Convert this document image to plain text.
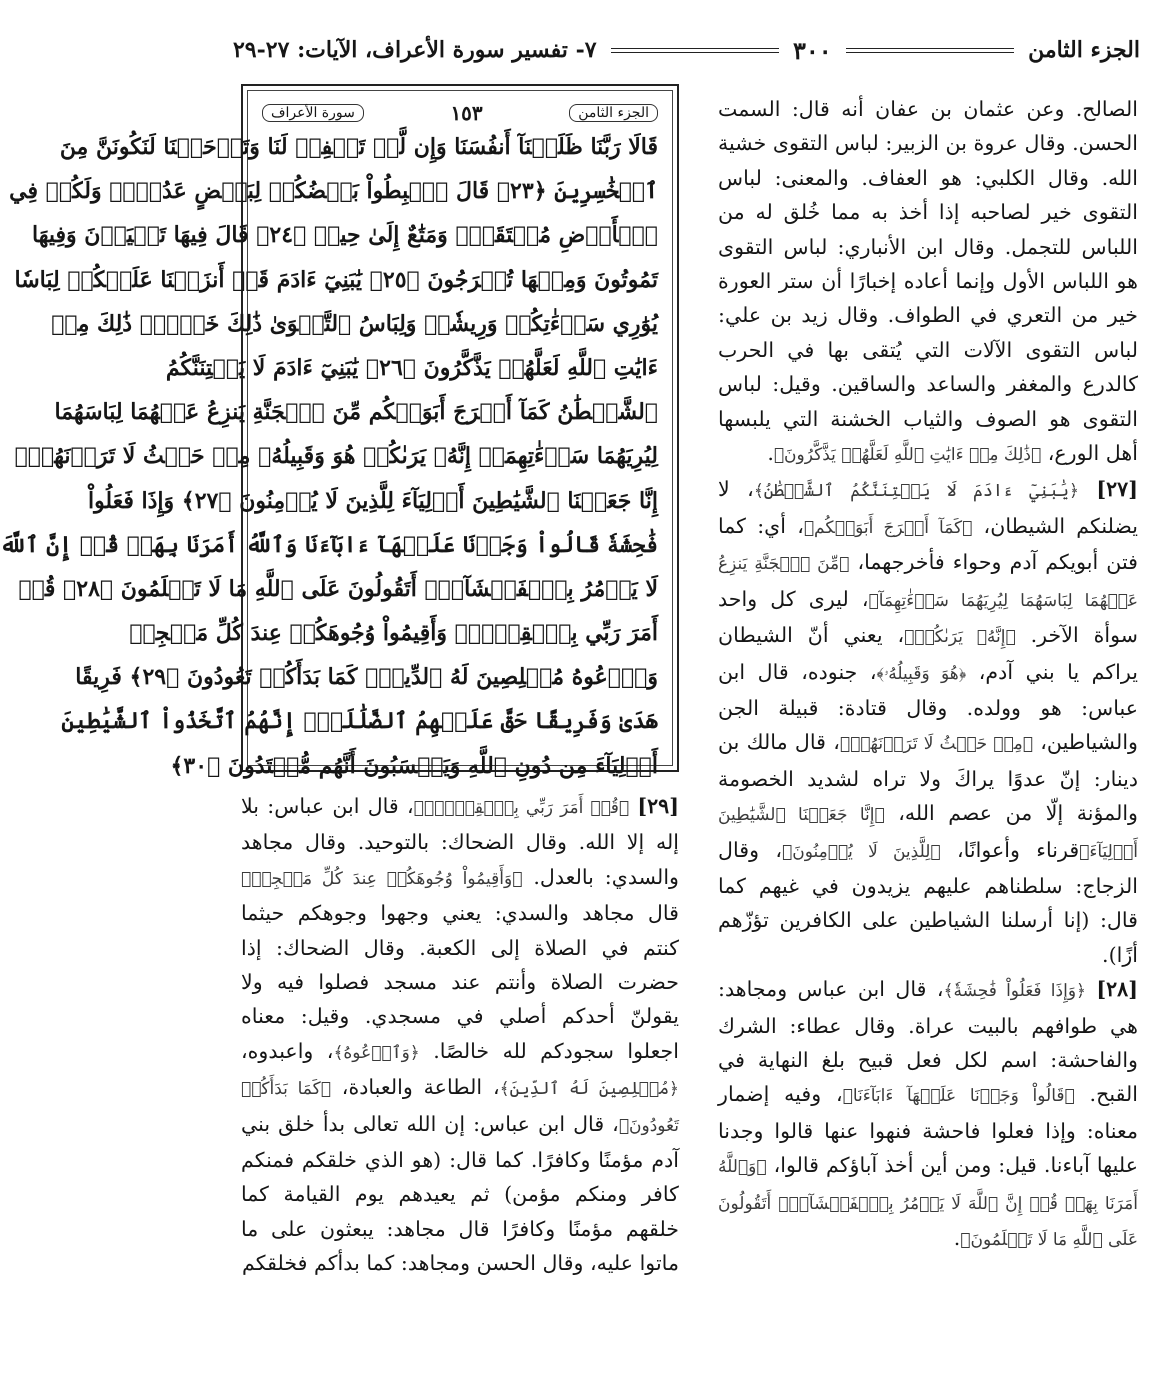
الجزء الثامن
٣٠٠
٧- تفسير سورة الأعراف، الآيات: ٢٧-٢٩

الصالح. وعن عثمان بن عفان أنه قال: السمت الحسن. وقال عروة بن الزبير: لباس التقوى خشية الله. وقال الكلبي: هو العفاف. والمعنى: لباس التقوى خير لصاحبه إذا أخذ به مما خُلق له من اللباس للتجمل. وقال ابن الأنباري: لباس التقوى هو اللباس الأول وإنما أعاده إخبارًا أن ستر العورة خير من التعري في الطواف. وقال زيد بن علي: لباس التقوى الآلات التي يُتقى بها في الحرب كالدرع والمغفر والساعد والساقين. وقيل: لباس التقوى هو الصوف والثياب الخشنة التي يلبسها أهل الورع، ﴿ذَٰلِكَ مِنۡ ءَايَٰتِ ٱللَّهِ لَعَلَّهُمۡ يَذَّكَّرُونَ﴾.

[٢٧] ﴿يَٰبَنِيٓ ءَادَمَ لَا يَفۡتِنَنَّكُمُ ٱلشَّيۡطَٰنُ﴾، لا يضلنكم الشيطان، ﴿كَمَآ أَخۡرَجَ أَبَوَيۡكُم﴾، أي: كما فتن أبويكم آدم وحواء فأخرجهما، ﴿مِّنَ ٱلۡجَنَّةِ يَنزِعُ عَنۡهُمَا لِبَاسَهُمَا لِيُرِيَهُمَا سَوۡءَٰتِهِمَآ﴾، ليرى كل واحد سوأة الآخر. ﴿إِنَّهُۥ يَرَىٰكُمۡ﴾، يعني أنّ الشيطان يراكم يا بني آدم، ﴿هُوَ وَقَبِيلُهُۥ﴾، جنوده، قال ابن عباس: هو وولده. وقال قتادة: قبيلة الجن والشياطين، ﴿مِنۡ حَيۡثُ لَا تَرَوۡنَهُمۡ﴾، قال مالك بن دينار: إنّ عدوًا يراكَ ولا تراه لشديد الخصومة والمؤنة إلّا من عصم الله، ﴿إِنَّا جَعَلۡنَا ٱلشَّيَٰطِينَ أَوۡلِيَآءَ﴾قرناء وأعوانًا، ﴿لِلَّذِينَ لَا يُؤۡمِنُونَ﴾، وقال الزجاج: سلطناهم عليهم يزيدون في غيهم كما قال: (إنا أرسلنا الشياطين على الكافرين تؤزّهم أزًا).

[٢٨] ﴿وَإِذَا فَعَلُواْ فَٰحِشَةٗ﴾، قال ابن عباس ومجاهد: هي طوافهم بالبيت عراة. وقال عطاء: الشرك والفاحشة: اسم لكل فعل قبيح بلغ النهاية في القبح. ﴿قَالُواْ وَجَدۡنَا عَلَيۡهَآ ءَابَآءَنَا﴾، وفيه إضمار معناه: وإذا فعلوا فاحشة فنهوا عنها قالوا وجدنا عليها آباءنا. قيل: ومن أين أخذ آباؤكم قالوا، ﴿وَٱللَّهُ أَمَرَنَا بِهَاۗ قُلۡ إِنَّ ٱللَّهَ لَا يَأۡمُرُ بِٱلۡفَحۡشَآءِۖ أَتَقُولُونَ عَلَى ٱللَّهِ مَا لَا تَعۡلَمُونَ﴾.

الجزء الثامن
١٥٣
سورة الأعراف
قَالَا رَبَّنَا ظَلَمۡنَآ أَنفُسَنَا وَإِن لَّمۡ تَغۡفِرۡ لَنَا وَتَرۡحَمۡنَا لَنَكُونَنَّ مِنَ
ٱلۡخَٰسِرِينَ ﴿٢٣﴾ قَالَ ٱهۡبِطُواْ بَعۡضُكُمۡ لِبَعۡضٍ عَدُوّٞۖ وَلَكُمۡ فِي
ٱلۡأَرۡضِ مُسۡتَقَرّٞ وَمَتَٰعٌ إِلَىٰ حِينٖ ﴿٢٤﴾ قَالَ فِيهَا تَحۡيَوۡنَ وَفِيهَا
تَمُوتُونَ وَمِنۡهَا تُخۡرَجُونَ ﴿٢٥﴾ يَٰبَنِيٓ ءَادَمَ قَدۡ أَنزَلۡنَا عَلَيۡكُمۡ لِبَاسٗا
يُوَٰرِي سَوۡءَٰتِكُمۡ وَرِيشٗاۖ وَلِبَاسُ ٱلتَّقۡوَىٰ ذَٰلِكَ خَيۡرٞۚ ذَٰلِكَ مِنۡ
ءَايَٰتِ ٱللَّهِ لَعَلَّهُمۡ يَذَّكَّرُونَ ﴿٢٦﴾ يَٰبَنِيٓ ءَادَمَ لَا يَفۡتِنَنَّكُمُ
ٱلشَّيۡطَٰنُ كَمَآ أَخۡرَجَ أَبَوَيۡكُم مِّنَ ٱلۡجَنَّةِ يَنزِعُ عَنۡهُمَا لِبَاسَهُمَا
لِيُرِيَهُمَا سَوۡءَٰتِهِمَآۚ إِنَّهُۥ يَرَىٰكُمۡ هُوَ وَقَبِيلُهُۥ مِنۡ حَيۡثُ لَا تَرَوۡنَهُمۡۗ
إِنَّا جَعَلۡنَا ٱلشَّيَٰطِينَ أَوۡلِيَآءَ لِلَّذِينَ لَا يُؤۡمِنُونَ ﴿٢٧﴾ وَإِذَا فَعَلُواْ
فَٰحِشَةٗ قَالُواْ وَجَدۡنَا عَلَيۡهَآ ءَابَآءَنَا وَٱللَّهُ أَمَرَنَا بِهَاۗ قُلۡ إِنَّ ٱللَّهَ
لَا يَأۡمُرُ بِٱلۡفَحۡشَآءِۖ أَتَقُولُونَ عَلَى ٱللَّهِ مَا لَا تَعۡلَمُونَ ﴿٢٨﴾ قُلۡ
أَمَرَ رَبِّي بِٱلۡقِسۡطِۖ وَأَقِيمُواْ وُجُوهَكُمۡ عِندَ كُلِّ مَسۡجِدٖ
وَٱدۡعُوهُ مُخۡلِصِينَ لَهُ ٱلدِّينَۚ كَمَا بَدَأَكُمۡ تَعُودُونَ ﴿٢٩﴾ فَرِيقًا
هَدَىٰ وَفَرِيقًا حَقَّ عَلَيۡهِمُ ٱلضَّلَٰلَةُۚ إِنَّهُمُ ٱتَّخَذُواْ ٱلشَّيَٰطِينَ
أَوۡلِيَآءَ مِن دُونِ ٱللَّهِ وَيَحۡسَبُونَ أَنَّهُم مُّهۡتَدُونَ ﴿٣٠﴾

[٢٩] ﴿قُلۡ أَمَرَ رَبِّي بِٱلۡقِسۡطِۖ﴾، قال ابن عباس: بلا إله إلا الله. وقال الضحاك: بالتوحيد. وقال مجاهد والسدي: بالعدل. ﴿وَأَقِيمُواْ وُجُوهَكُمۡ عِندَ كُلِّ مَسۡجِدٖ﴾ قال مجاهد والسدي: يعني وجهوا وجوهكم حيثما كنتم في الصلاة إلى الكعبة. وقال الضحاك: إذا حضرت الصلاة وأنتم عند مسجد فصلوا فيه ولا يقولنّ أحدكم أصلي في مسجدي. وقيل: معناه اجعلوا سجودكم لله خالصًا. ﴿وَٱدۡعُوهُ﴾، واعبدوه، ﴿مُخۡلِصِينَ لَهُ ٱلدِّينَ﴾، الطاعة والعبادة، ﴿كَمَا بَدَأَكُمۡ تَعُودُونَ﴾، قال ابن عباس: إن الله تعالى بدأ خلق بني آدم مؤمنًا وكافرًا. كما قال: (هو الذي خلقكم فمنكم كافر ومنكم مؤمن) ثم يعيدهم يوم القيامة كما خلقهم مؤمنًا وكافرًا قال مجاهد: يبعثون على ما ماتوا عليه، وقال الحسن ومجاهد: كما بدأكم فخلقكم
